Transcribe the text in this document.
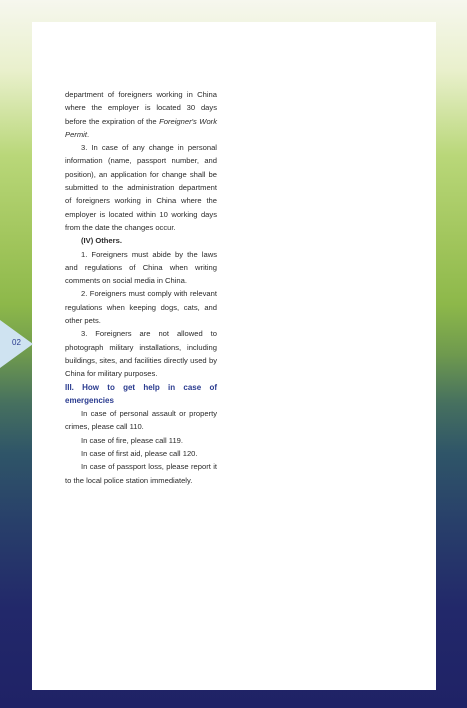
department of foreigners working in China where the employer is located 30 days before the expiration of the Foreigner's Work Permit.

3. In case of any change in personal information (name, passport number, and position), an application for change shall be submitted to the administration department of foreigners working in China where the employer is located within 10 working days from the date the changes occur.

(IV) Others.

1. Foreigners must abide by the laws and regulations of China when writing comments on social media in China.

2. Foreigners must comply with relevant regulations when keeping dogs, cats, and other pets.

3. Foreigners are not allowed to photograph military installations, including buildings, sites, and facilities directly used by China for military purposes.

III. How to get help in case of emergencies

In case of personal assault or property crimes, please call 110.

In case of fire, please call 119.

In case of first aid, please call 120.

In case of passport loss, please report it to the local police station immediately.

02
